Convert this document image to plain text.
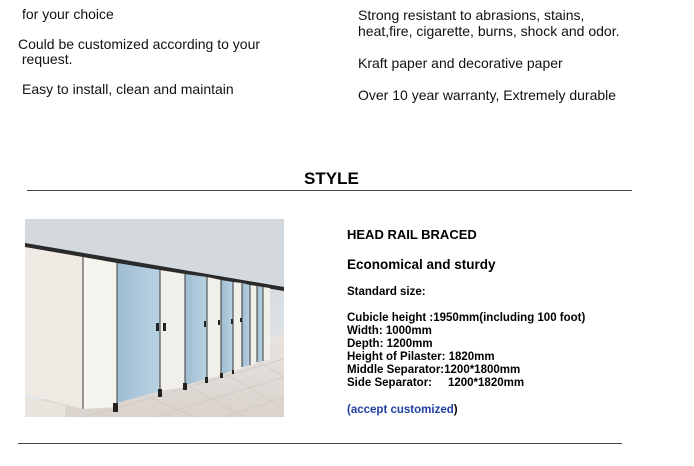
for your choice
Could be customized according to your
request.
Easy to install, clean and maintain
Strong resistant to abrasions, stains,
heat,fire, cigarette, burns, shock and odor.
Kraft paper and decorative paper
Over 10 year warranty, Extremely durable
STYLE
HEAD RAIL BRACED
Economical and sturdy
Standard size:
Cubicle height :1950mm(including 100 foot)
Width: 1000mm
Depth: 1200mm
Height of Pilaster: 1820mm
Middle Separator:1200*1800mm
Side Separator:     1200*1820mm
(accept customized)
